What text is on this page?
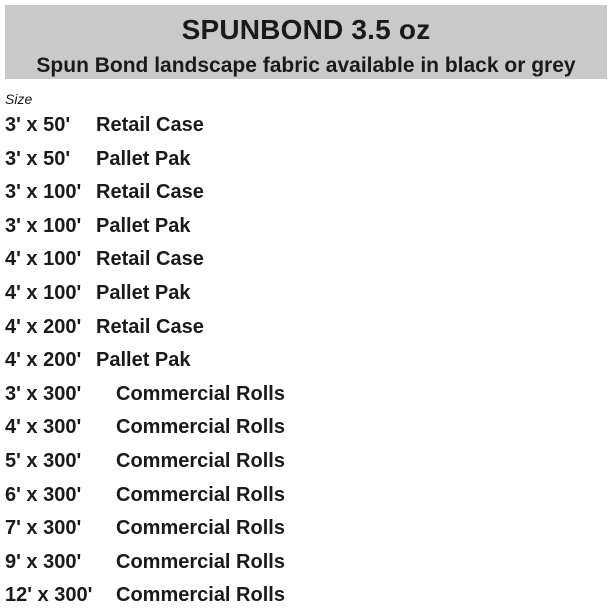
SPUNBOND 3.5 oz
Spun Bond landscape fabric available in black or grey
Size
3' x 50' Retail Case
3' x 50' Pallet Pak
3' x 100' Retail Case
3' x 100' Pallet Pak
4' x 100' Retail Case
4' x 100' Pallet Pak
4' x 200' Retail Case
4' x 200' Pallet Pak
3' x 300' Commercial Rolls
4' x 300' Commercial Rolls
5' x 300' Commercial Rolls
6' x 300' Commercial Rolls
7' x 300' Commercial Rolls
9' x 300' Commercial Rolls
12' x 300' Commercial Rolls
